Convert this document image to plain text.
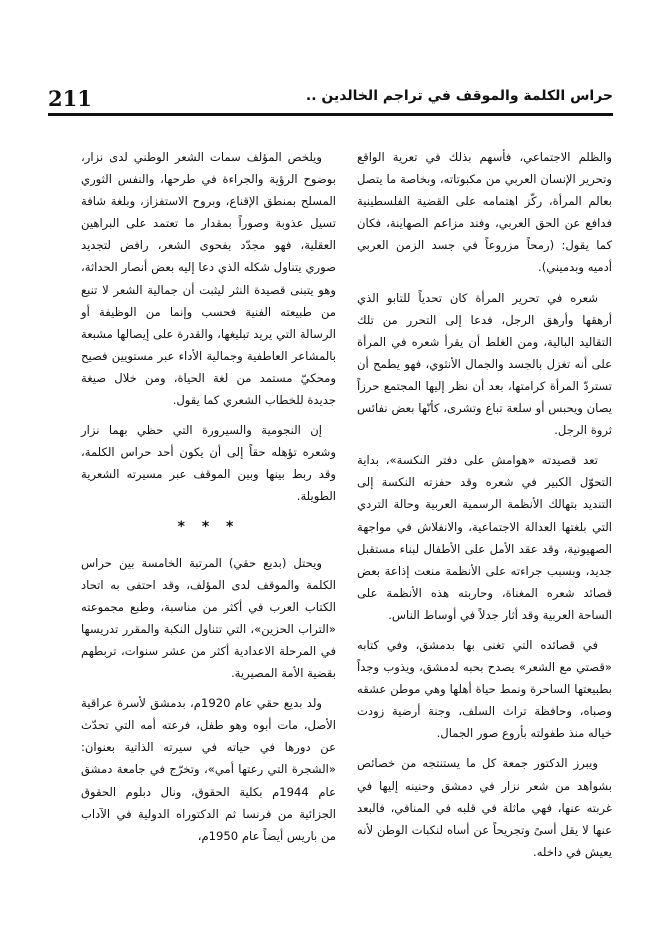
211	حراس الكلمة والموقف في تراجم الخالدين ..

والظلم الاجتماعي، فأسهم بذلك في تعرية الواقع وتحرير الإنسان العربي من مكبوتاته، وبخاصة ما يتصل بعالم المرأة، ركّز اهتمامه على القضية الفلسطينية فدافع عن الحق العربي، وفند مزاعم الصهاينة، فكان كما يقول: (رمحاً مزروعاً في جسد الزمن العربي أدميه وبدميني).

شعره في تحرير المرأة كان تحدياً للتابو الذي أرهقها وأرهق الرجل، فدعا إلى التحرر من تلك التقاليد البالية، ومن الغلط أن يقرأ شعره في المرأة على أنه تغزل بالجسد والجمال الأنثوي، فهو يطمح أن تستردّ المرأة كرامتها، بعد أن نظر إليها المجتمع حرزاً يصان ويحبس أو سلعة تباع وتشرى، كأنّها بعض نفائس ثروة الرجل.

تعد قصيدته «هوامش على دفتر النكسة»، بداية التحوّل الكبير في شعره وقد حفزته النكسة إلى التنديد بتهالك الأنظمة الرسمية العربية وحالة التردي التي بلغتها العدالة الاجتماعية، والانفلاش في مواجهة الصهيونية، وقد عقد الأمل على الأطفال لبناء مستقبل جديد، وبسبب جراءته على الأنظمة منعت إذاعة بعض قصائد شعره المغناة، وحاربته هذه الأنظمة على الساحة العربية وقد أثار جدلاً في أوساط الناس.

في قصائده التي تغنى بها بدمشق، وفي كتابه «قصتي مع الشعر» يصدح بحبه لدمشق، ويذوب وجداً بطبيعتها الساحرة ونمط حياة أهلها وهي موطن عشقه وصباه، وحافظة تراث السلف، وجنة أرضية زودت خياله منذ طفولته بأروع صور الجمال.

ويبرز الدكتور جمعة كل ما يستنتجه من خصائص بشواهد من شعر نزار في دمشق وحنينه إليها في غربته عنها، فهي ماثلة في قلبه في المنافي، فالبعد عنها لا يقل أسىً وتجريحاً عن أساه لنكبات الوطن لأنه يعيش في داخله.

ويلخص المؤلف سمات الشعر الوطني لدى نزار، بوضوح الرؤية والجراءة في طرحها، والنفس الثوري المسلح بمنطق الإقناع، وبروح الاستفزاز، وبلغة شافة تسيل عذوبة وصوراً بمقدار ما تعتمد على البراهين العقلية، فهو مجدّد بفحوى الشعر، رافض لتجديد صوري يتناول شكله الذي دعا إليه بعض أنصار الحداثة، وهو يتبنى قصيدة النثر ليثبت أن جمالية الشعر لا تنبع من طبيعته الفنية فحسب وإنما من الوظيفة أو الرسالة التي يريد تبليغها، والقدرة على إيصالها مشبعة بالمشاعر العاطفية وجمالية الأداء عبر مستويين فصيح ومحكيّ مستمد من لغة الحياة، ومن خلال صيغة جديدة للخطاب الشعري كما يقول.

إن النجومية والسيرورة التي حظي بهما نزار وشعره تؤهله حقاً إلى أن يكون أحد حراس الكلمة، وقد ربط بينها وبين الموقف عبر مسيرته الشعرية الطويلة.

* * *

ويحتل (بديع حقي) المرتبة الخامسة بين حراس الكلمة والموقف لدى المؤلف، وقد احتفى به اتحاد الكتاب العرب في أكثر من مناسبة، وطبع مجموعته «التراب الحزين»، التي تتناول النكبة والمقرر تدريسها في المرحلة الاعدادية أكثر من عشر سنوات، تربطهم بقضية الأمة المصيرية.

ولد بديع حقي عام 1920م، بدمشق لأسرة عراقية الأصل، مات أبوه وهو طفل، فرعته أمه التي تحدّث عن دورها في حياته في سيرته الذاتية بعنوان: «الشجرة التي رعتها أمي»، وتخرّج في جامعة دمشق عام 1944م بكلية الحقوق، ونال دبلوم الحقوق الجزائية من فرنسا ثم الدكتوراه الدولية في الآداب من باريس أيضاً عام 1950م،
